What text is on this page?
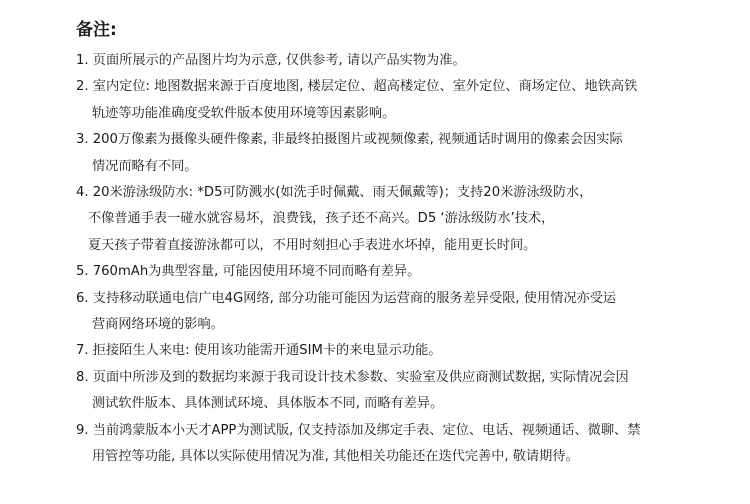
备注:
1. 页面所展示的产品图片均为示意, 仅供参考, 请以产品实物为准。
2. 室内定位: 地图数据来源于百度地图, 楼层定位、超高楼定位、室外定位、商场定位、地铁高铁
轨迹等功能准确度受软件版本使用环境等因素影响。
3. 200万像素为摄像头硬件像素, 非最终拍摄图片或视频像素, 视频通话时调用的像素会因实际
情况而略有不同。
4. 20米游泳级防水: *D5可防溅水(如洗手时佩戴、雨天佩戴等)；支持20米游泳级防水，
不像普通手表一碰水就容易坏，浪费钱，孩子还不高兴。D5 ‘游泳级防水’技术，
夏天孩子带着直接游泳都可以，不用时刻担心手表进水坏掉，能用更长时间。
5. 760mAh为典型容量, 可能因使用环境不同而略有差异。
6. 支持移动联通电信广电4G网络, 部分功能可能因为运营商的服务差异受限, 使用情况亦受运
营商网络环境的影响。
7. 拒接陌生人来电: 使用该功能需开通SIM卡的来电显示功能。
8. 页面中所涉及到的数据均来源于我司设计技术参数、实验室及供应商测试数据, 实际情况会因
测试软件版本、具体测试环境、具体版本不同, 而略有差异。
9. 当前鸿蒙版本小天才APP为测试版, 仅支持添加及绑定手表、定位、电话、视频通话、微聊、禁
用管控等功能, 具体以实际使用情况为准, 其他相关功能还在迭代完善中, 敬请期待。
